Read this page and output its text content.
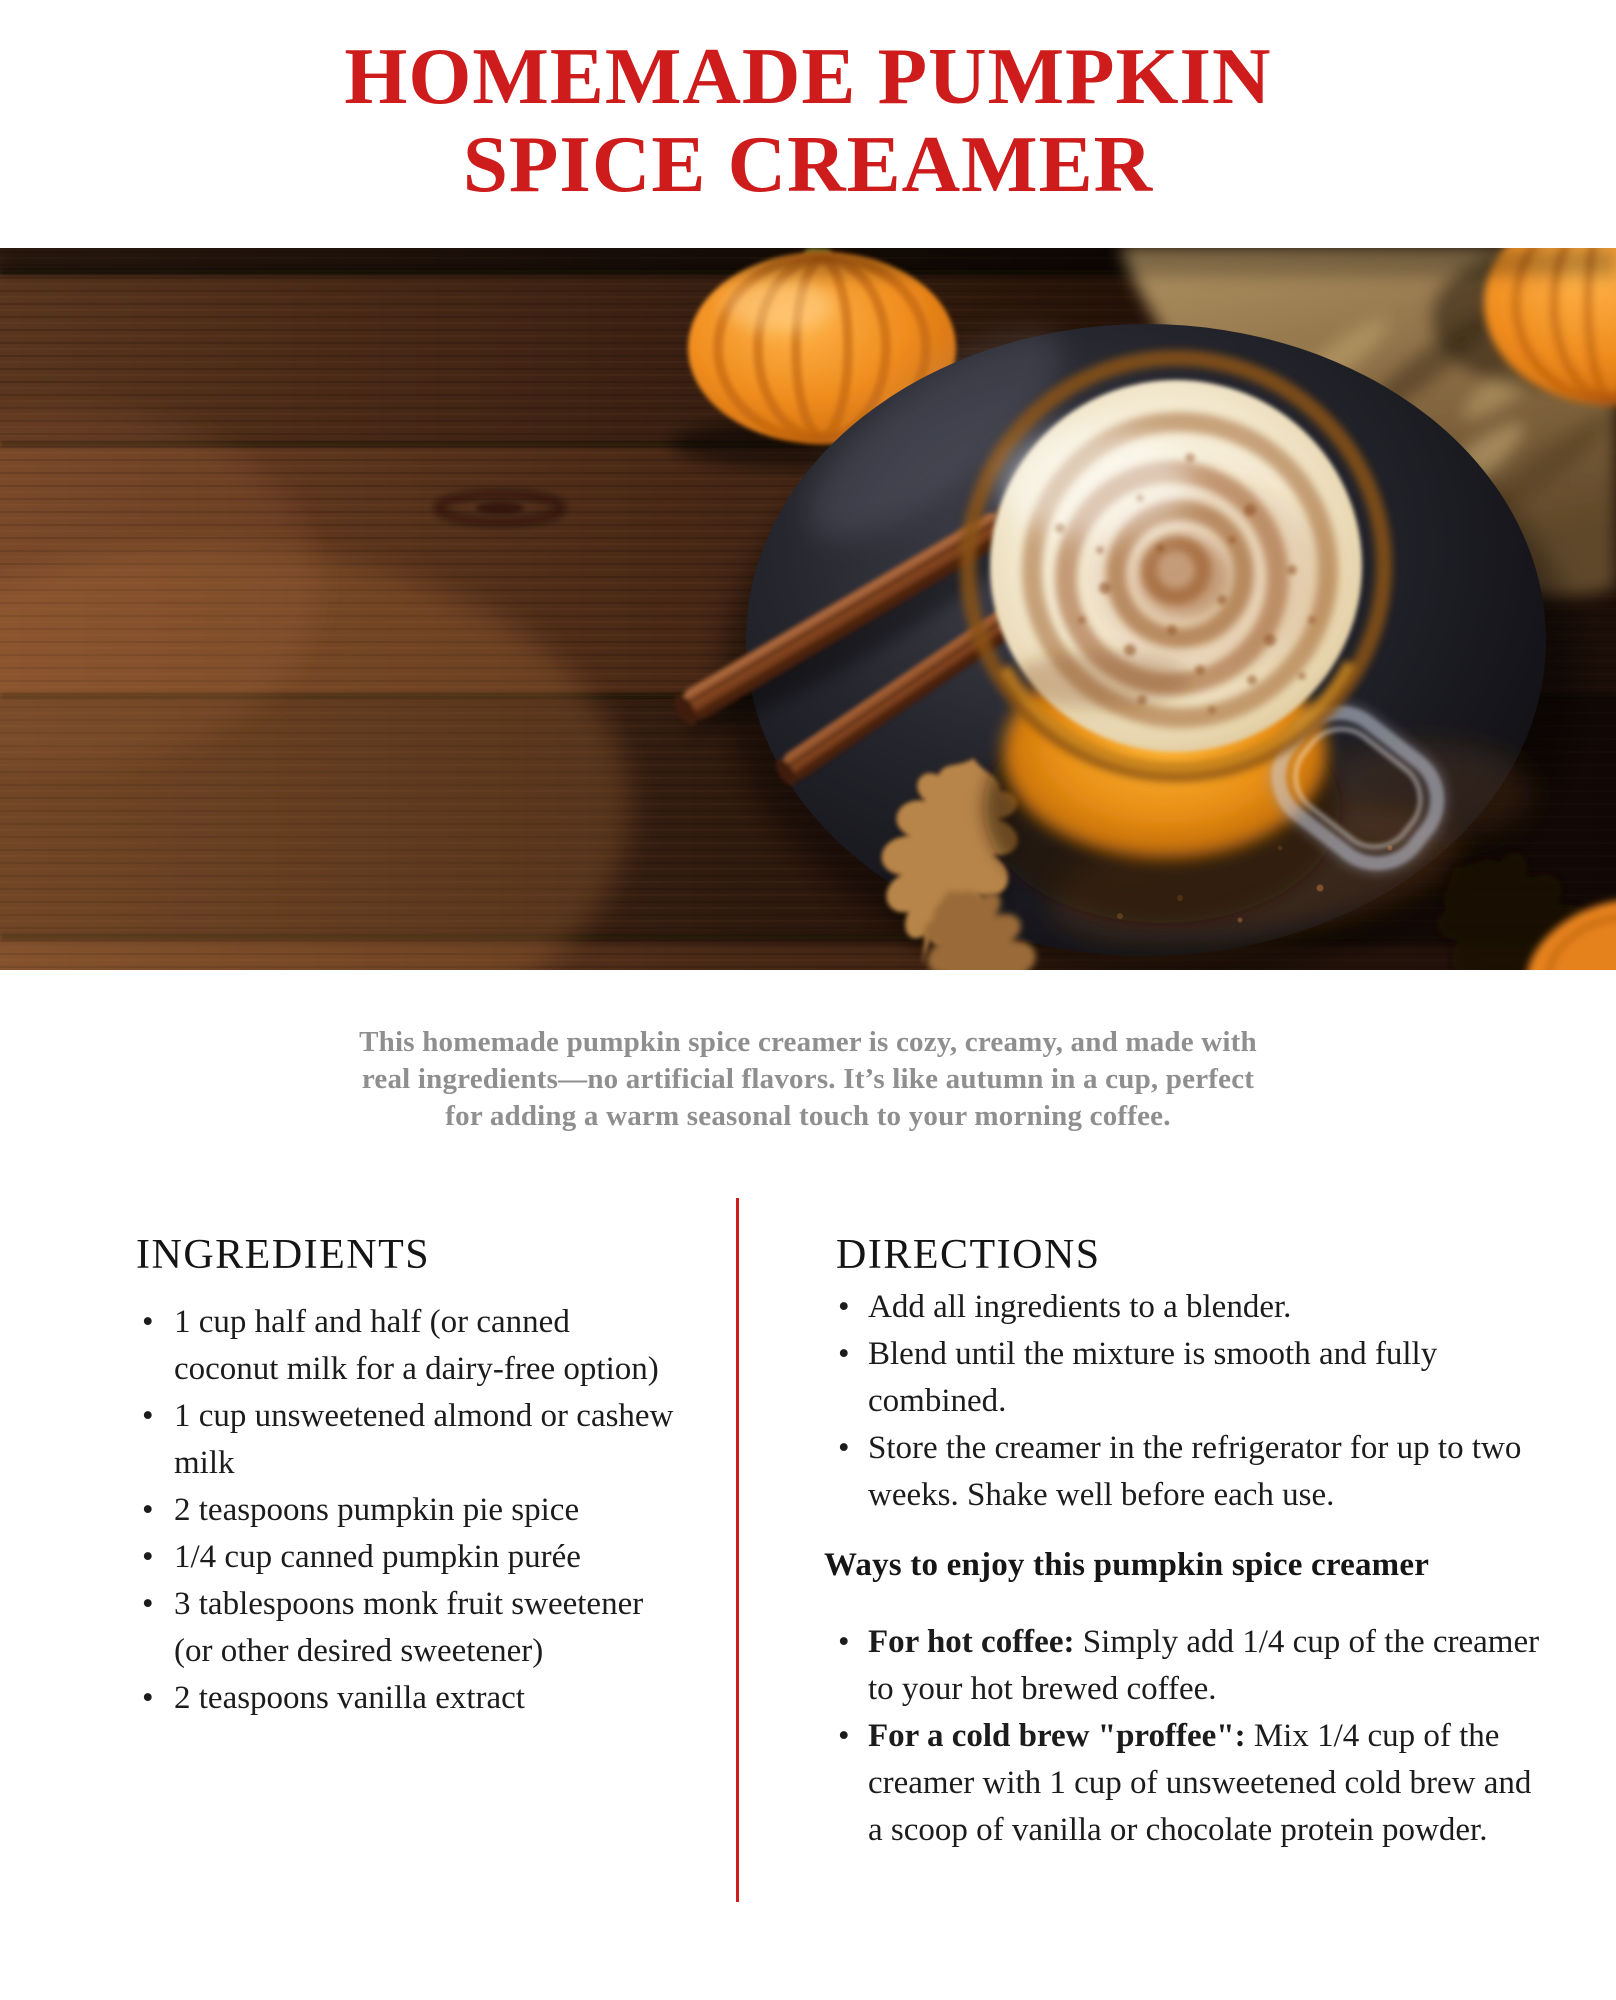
HOMEMADE PUMPKIN
SPICE CREAMER
This homemade pumpkin spice creamer is cozy, creamy, and made with
real ingredients—no artificial flavors. It’s like autumn in a cup, perfect
for adding a warm seasonal touch to your morning coffee.
INGREDIENTS
• 1 cup half and half (or canned coconut milk for a dairy-free option)
• 1 cup unsweetened almond or cashew milk
• 2 teaspoons pumpkin pie spice
• 1/4 cup canned pumpkin purée
• 3 tablespoons monk fruit sweetener (or other desired sweetener)
• 2 teaspoons vanilla extract
DIRECTIONS
• Add all ingredients to a blender.
• Blend until the mixture is smooth and fully combined.
• Store the creamer in the refrigerator for up to two weeks. Shake well before each use.
Ways to enjoy this pumpkin spice creamer
• For hot coffee: Simply add 1/4 cup of the creamer to your hot brewed coffee.
• For a cold brew "proffee": Mix 1/4 cup of the creamer with 1 cup of unsweetened cold brew and a scoop of vanilla or chocolate protein powder.
